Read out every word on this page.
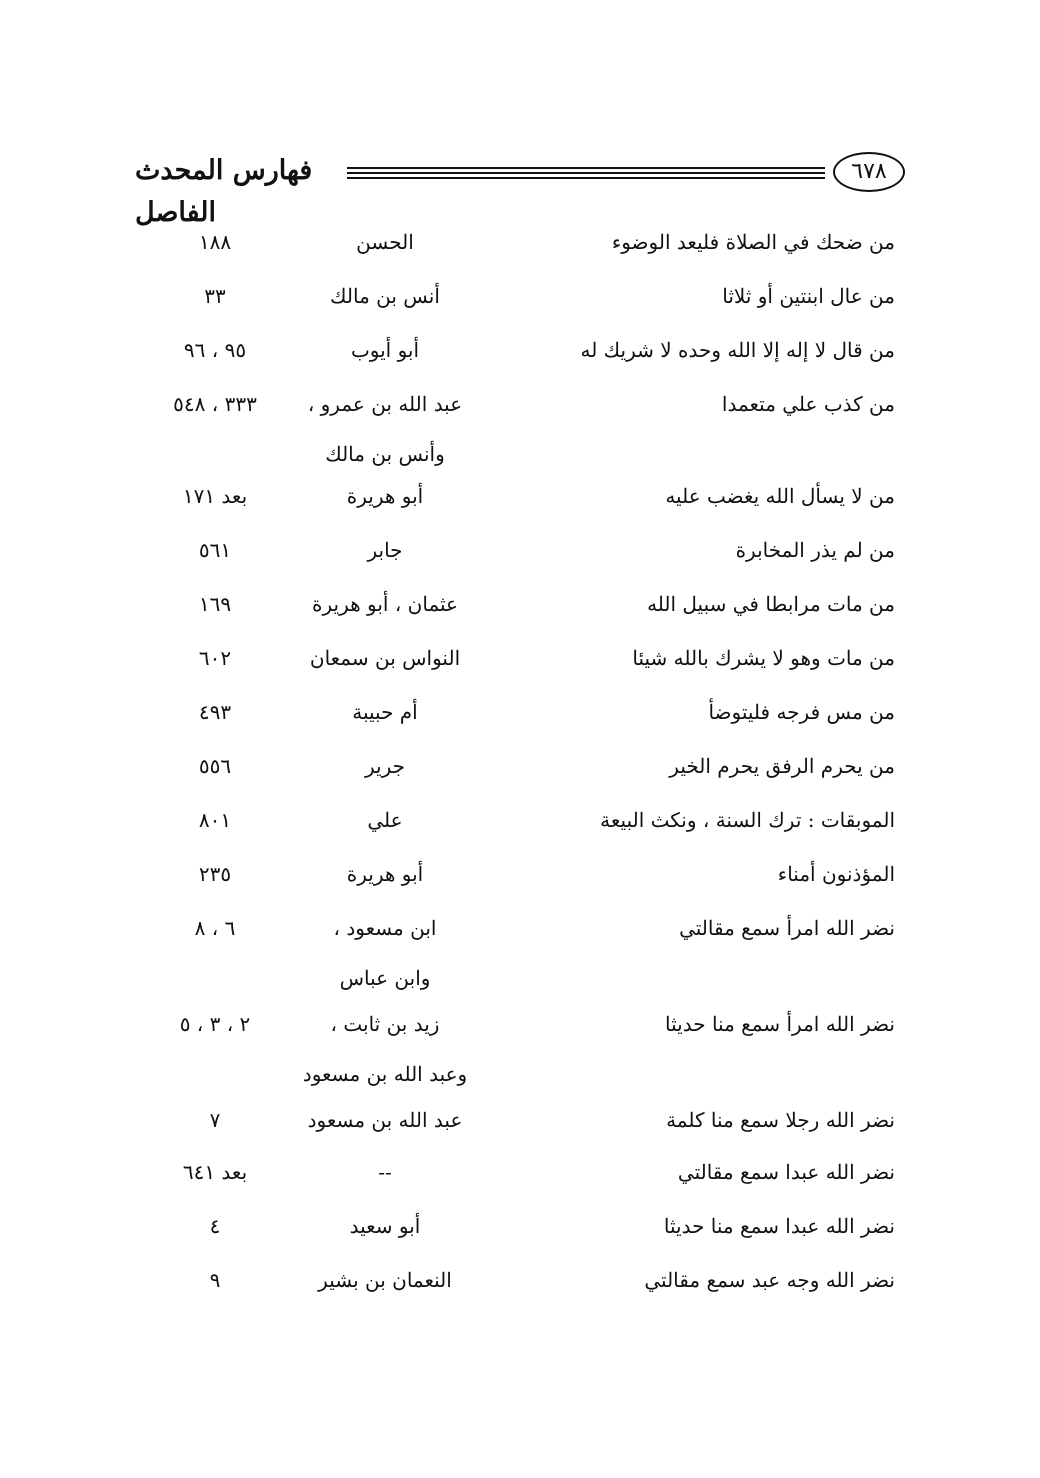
٦٧٨
فهارس المحدث الفاصل
من ضحك في الصلاة فليعد الوضوء
الحسن
١٨٨
من عال ابنتين أو ثلاثا
أنس بن مالك
٣٣
من قال لا إله إلا الله وحده لا شريك له
أبو أيوب
٩٥ ، ٩٦
من كذب علي متعمدا
عبد الله بن عمرو ،
وأنس بن مالك
٣٣٣ ، ٥٤٨
من لا يسأل الله يغضب عليه
أبو هريرة
بعد ١٧١
من لم يذر المخابرة
جابر
٥٦١
من مات مرابطا في سبيل الله
عثمان ، أبو هريرة
١٦٩
من مات وهو لا يشرك بالله شيئا
النواس بن سمعان
٦٠٢
من مس فرجه فليتوضأ
أم حبيبة
٤٩٣
من يحرم الرفق يحرم الخير
جرير
٥٥٦
الموبقات : ترك السنة ، ونكث البيعة
علي
٨٠١
المؤذنون أمناء
أبو هريرة
٢٣٥
نضر الله امرأ سمع مقالتي
ابن مسعود ،
وابن عباس
٦ ، ٨
نضر الله امرأ سمع منا حديثا
زيد بن ثابت ،
وعبد الله بن مسعود
٢ ، ٣ ، ٥
نضر الله رجلا سمع منا كلمة
عبد الله بن مسعود
٧
نضر الله عبدا سمع مقالتي
--
بعد ٦٤١
نضر الله عبدا سمع منا حديثا
أبو سعيد
٤
نضر الله وجه عبد سمع مقالتي
النعمان بن بشير
٩
